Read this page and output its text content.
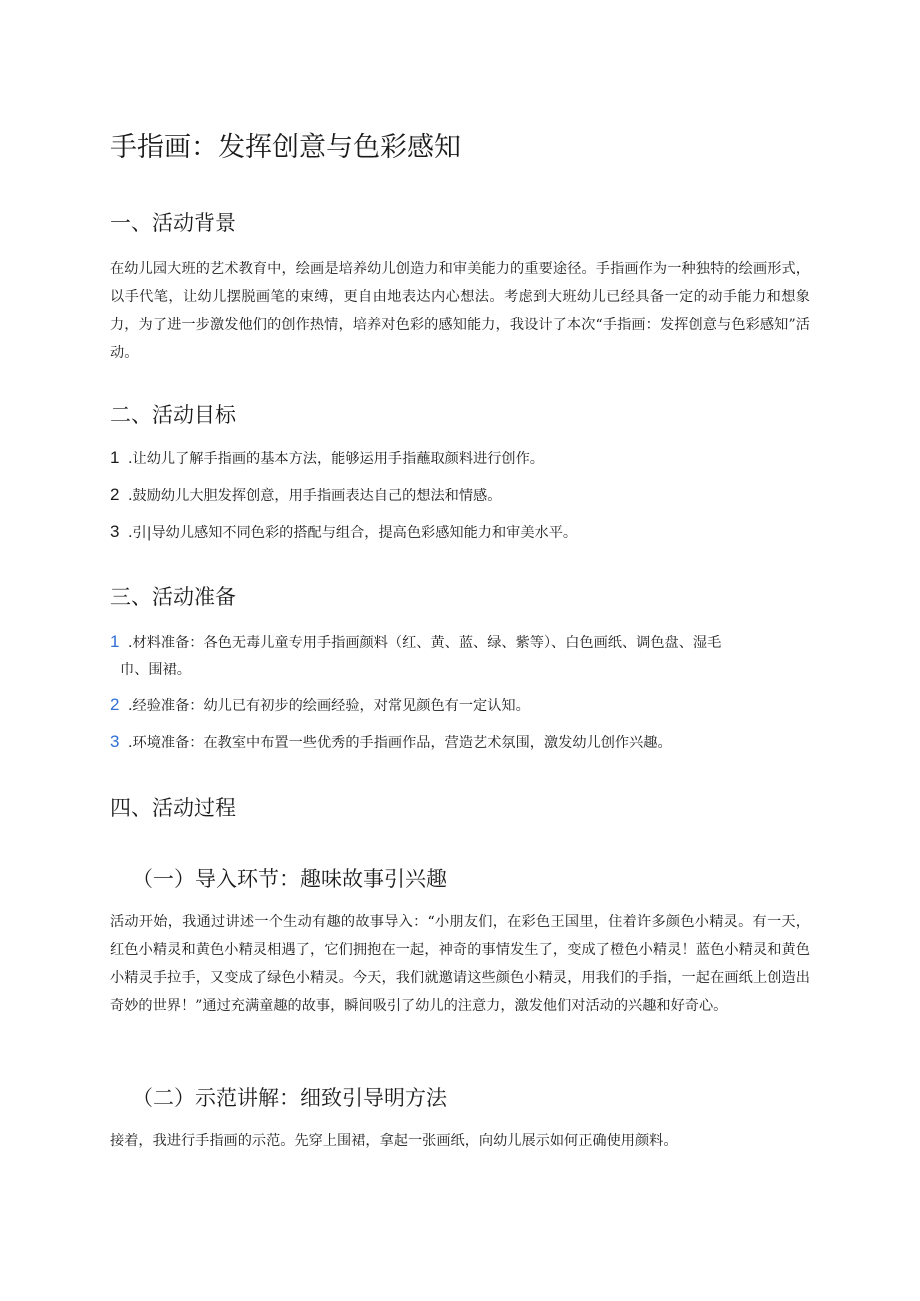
手指画：发挥创意与色彩感知
一、活动背景

在幼儿园大班的艺术教育中，绘画是培养幼儿创造力和审美能力的重要途径。手指画作为一种独特的绘画形式，以手代笔，让幼儿摆脱画笔的束缚，更自由地表达内心想法。考虑到大班幼儿已经具备一定的动手能力和想象力，为了进一步激发他们的创作热情，培养对色彩的感知能力，我设计了本次“手指画：发挥创意与色彩感知”活动。

二、活动目标
1 .让幼儿了解手指画的基本方法，能够运用手指蘸取颜料进行创作。
2 .鼓励幼儿大胆发挥创意，用手指画表达自己的想法和情感。
3 .引|导幼儿感知不同色彩的搭配与组合，提高色彩感知能力和审美水平。
三、活动准备
1 .材料准备：各色无毒儿童专用手指画颜料（红、黄、蓝、绿、紫等）、白色画纸、调色盘、湿毛
巾、围裙。
2 .经验准备：幼儿已有初步的绘画经验，对常见颜色有一定认知。
3 .环境准备：在教室中布置一些优秀的手指画作品，营造艺术氛围，激发幼儿创作兴趣。
四、活动过程
（一）导入环节：趣味故事引兴趣

活动开始，我通过讲述一个生动有趣的故事导入：“小朋友们，在彩色王国里，住着许多颜色小精灵。有一天，红色小精灵和黄色小精灵相遇了，它们拥抱在一起，神奇的事情发生了，变成了橙色小精灵！蓝色小精灵和黄色小精灵手拉手，又变成了绿色小精灵。今天，我们就邀请这些颜色小精灵，用我们的手指，一起在画纸上创造出奇妙的世界！”通过充满童趣的故事，瞬间吸引了幼儿的注意力，激发他们对活动的兴趣和好奇心。

（二）示范讲解：细致引导明方法

接着，我进行手指画的示范。先穿上围裙，拿起一张画纸，向幼儿展示如何正确使用颜料。
